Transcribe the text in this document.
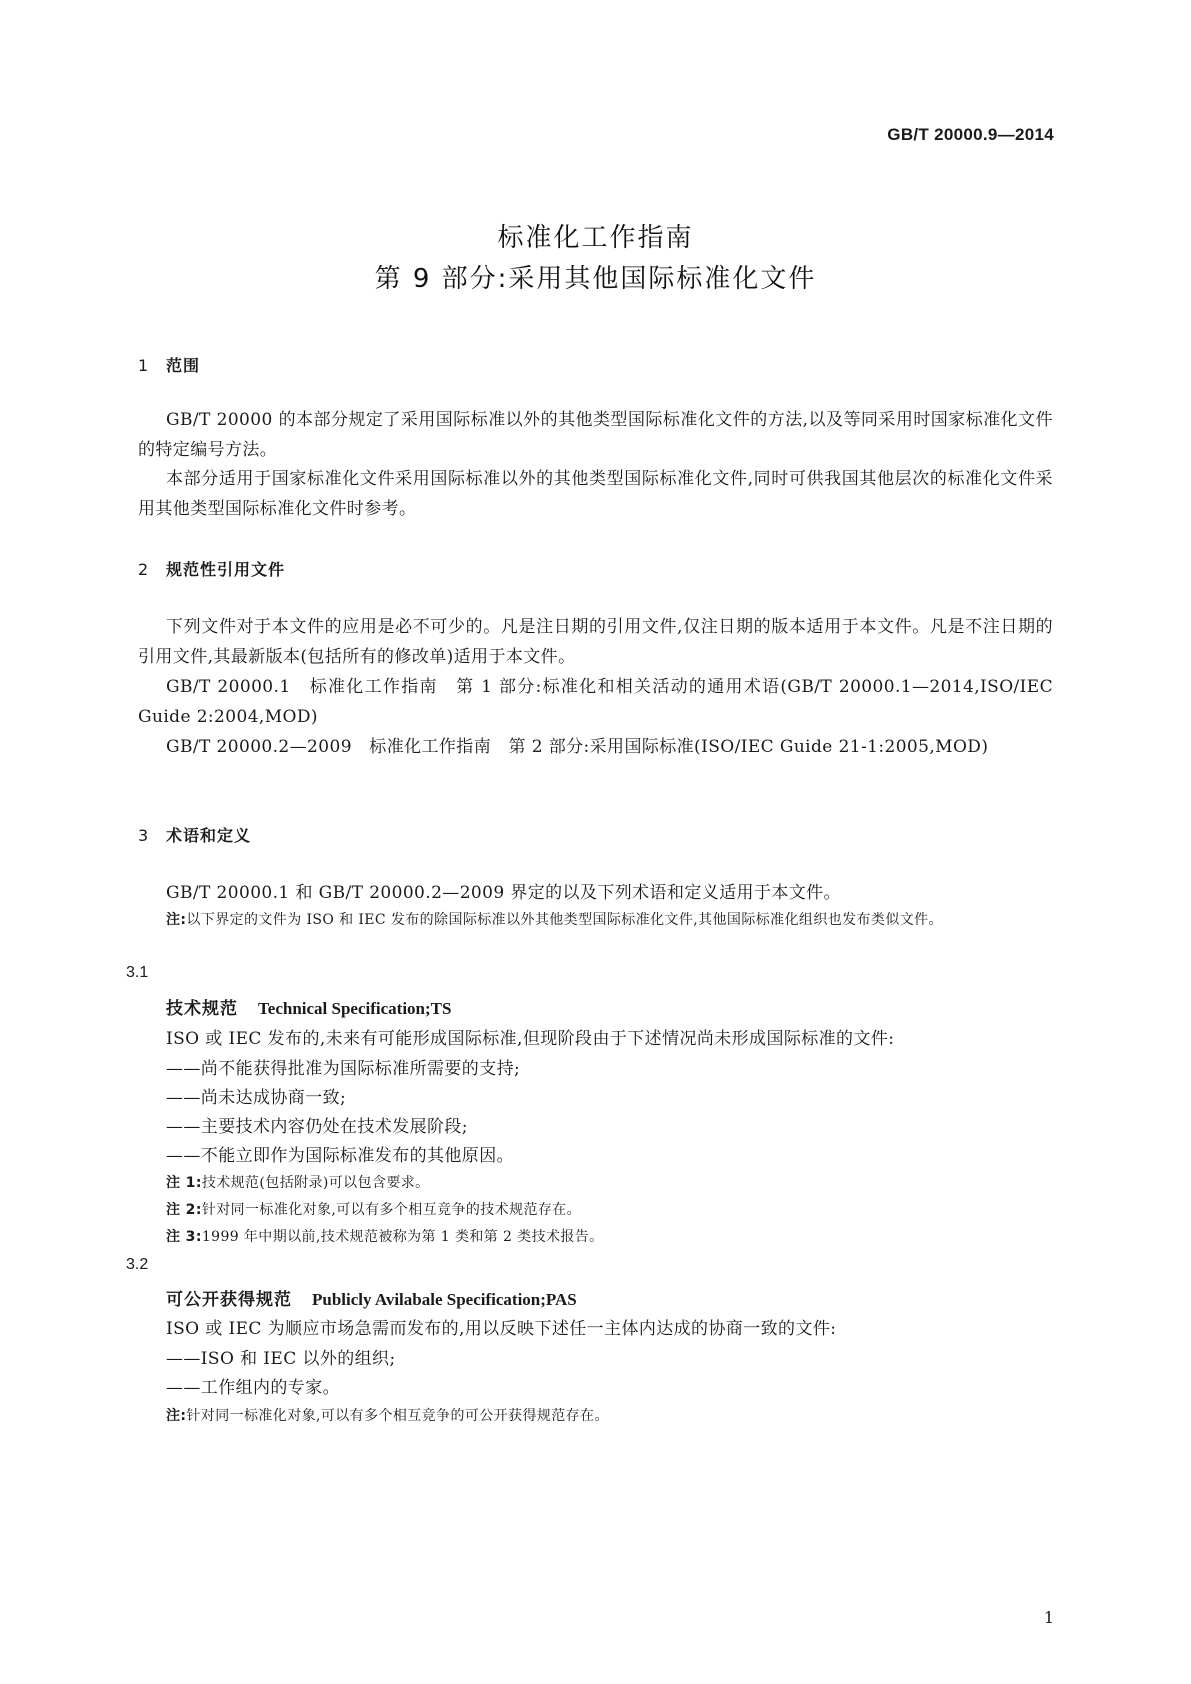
GB/T 20000.9—2014
标准化工作指南
第 9 部分:采用其他国际标准化文件
1 范围
GB/T 20000 的本部分规定了采用国际标准以外的其他类型国际标准化文件的方法,以及等同采用时国家标准化文件的特定编号方法。
本部分适用于国家标准化文件采用国际标准以外的其他类型国际标准化文件,同时可供我国其他层次的标准化文件采用其他类型国际标准化文件时参考。
2 规范性引用文件
下列文件对于本文件的应用是必不可少的。凡是注日期的引用文件,仅注日期的版本适用于本文件。凡是不注日期的引用文件,其最新版本(包括所有的修改单)适用于本文件。
GB/T 20000.1　标准化工作指南　第 1 部分:标准化和相关活动的通用术语(GB/T 20000.1—2014,ISO/IEC Guide 2:2004,MOD)
GB/T 20000.2—2009　标准化工作指南　第 2 部分:采用国际标准(ISO/IEC Guide 21-1:2005,MOD)
3 术语和定义
GB/T 20000.1 和 GB/T 20000.2—2009 界定的以及下列术语和定义适用于本文件。
注:以下界定的文件为 ISO 和 IEC 发布的除国际标准以外其他类型国际标准化文件,其他国际标准化组织也发布类似文件。
3.1
技术规范 Technical Specification;TS
ISO 或 IEC 发布的,未来有可能形成国际标准,但现阶段由于下述情况尚未形成国际标准的文件:
——尚不能获得批准为国际标准所需要的支持;
——尚未达成协商一致;
——主要技术内容仍处在技术发展阶段;
——不能立即作为国际标准发布的其他原因。
注 1:技术规范(包括附录)可以包含要求。
注 2:针对同一标准化对象,可以有多个相互竞争的技术规范存在。
注 3:1999 年中期以前,技术规范被称为第 1 类和第 2 类技术报告。
3.2
可公开获得规范 Publicly Avilabale Specification;PAS
ISO 或 IEC 为顺应市场急需而发布的,用以反映下述任一主体内达成的协商一致的文件:
——ISO 和 IEC 以外的组织;
——工作组内的专家。
注:针对同一标准化对象,可以有多个相互竞争的可公开获得规范存在。
1
